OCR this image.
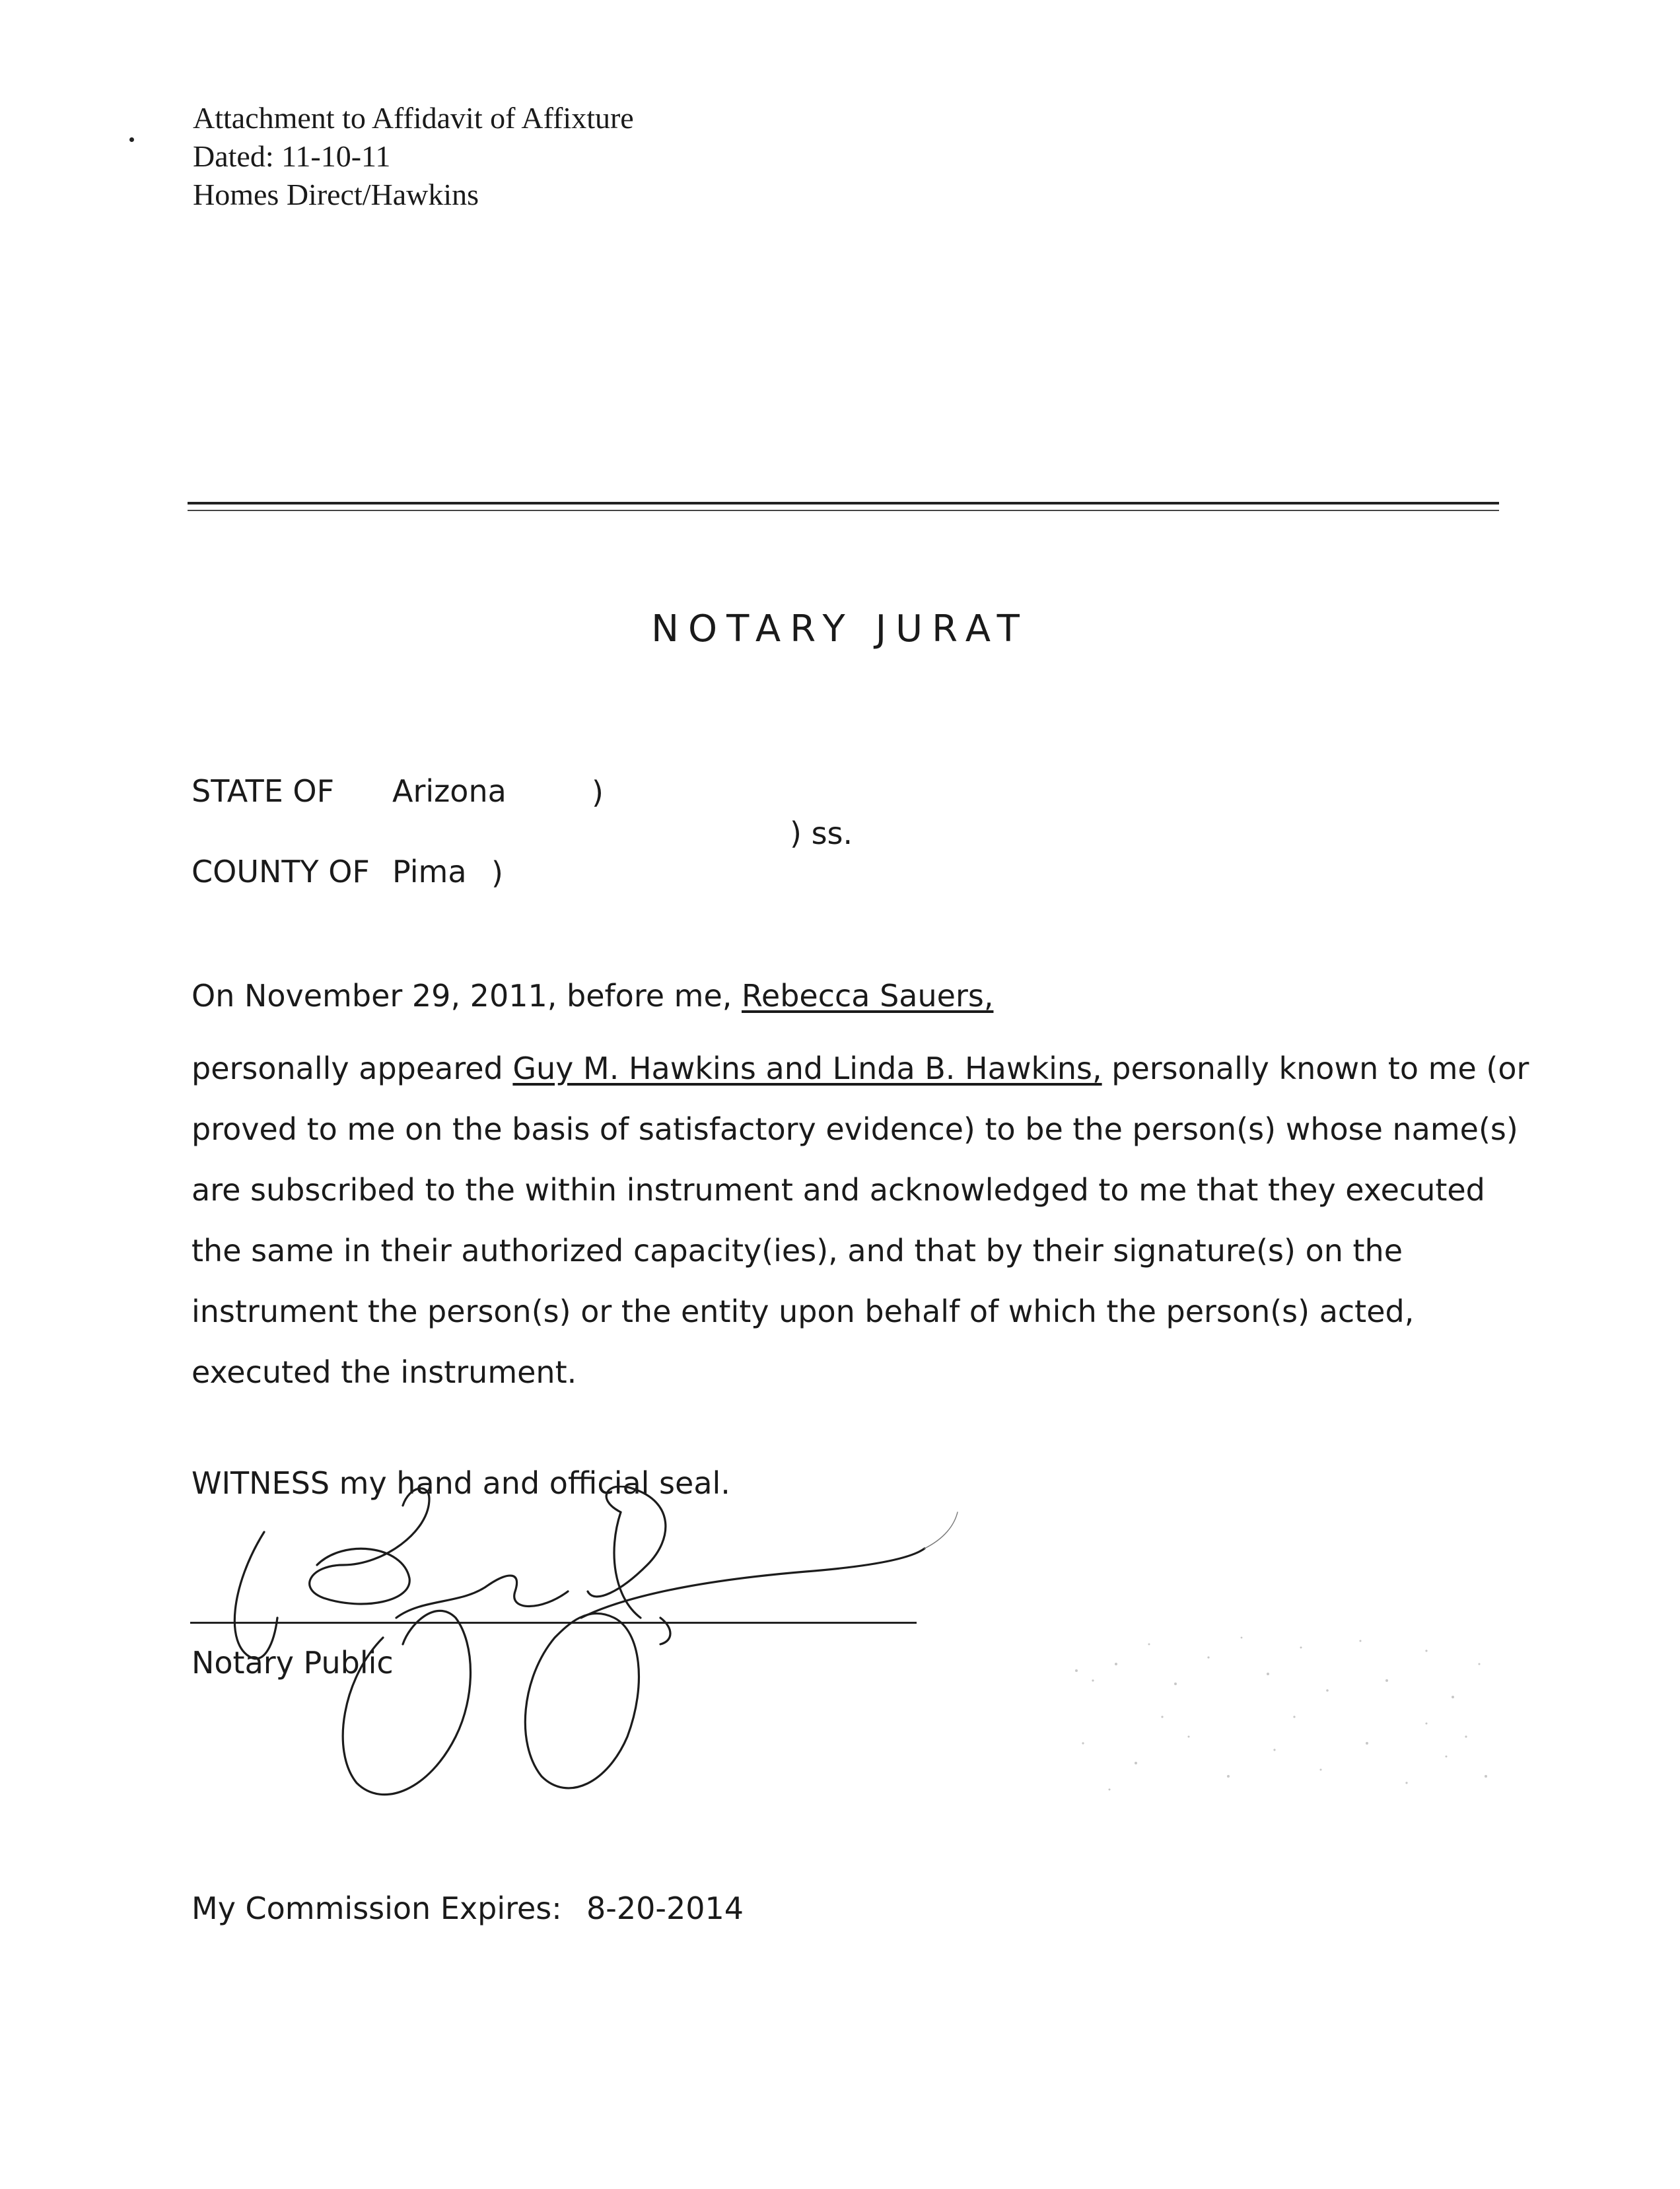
Attachment to Affidavit of Affixture
Dated: 11-10-11
Homes Direct/Hawkins
NOTARY JURAT
STATE OF Arizona	)
) ss.
COUNTY OF Pima )
On November 29, 2011, before me, Rebecca Sauers,
personally appeared Guy M. Hawkins and Linda B. Hawkins, personally known to me (or proved to me on the basis of satisfactory evidence) to be the person(s) whose name(s) are subscribed to the within instrument and acknowledged to me that they executed the same in their authorized capacity(ies), and that by their signature(s) on the instrument the person(s) or the entity upon behalf of which the person(s) acted, executed the instrument.
WITNESS my hand and official seal.
Notary Public
My Commission Expires: 8-20-2014
